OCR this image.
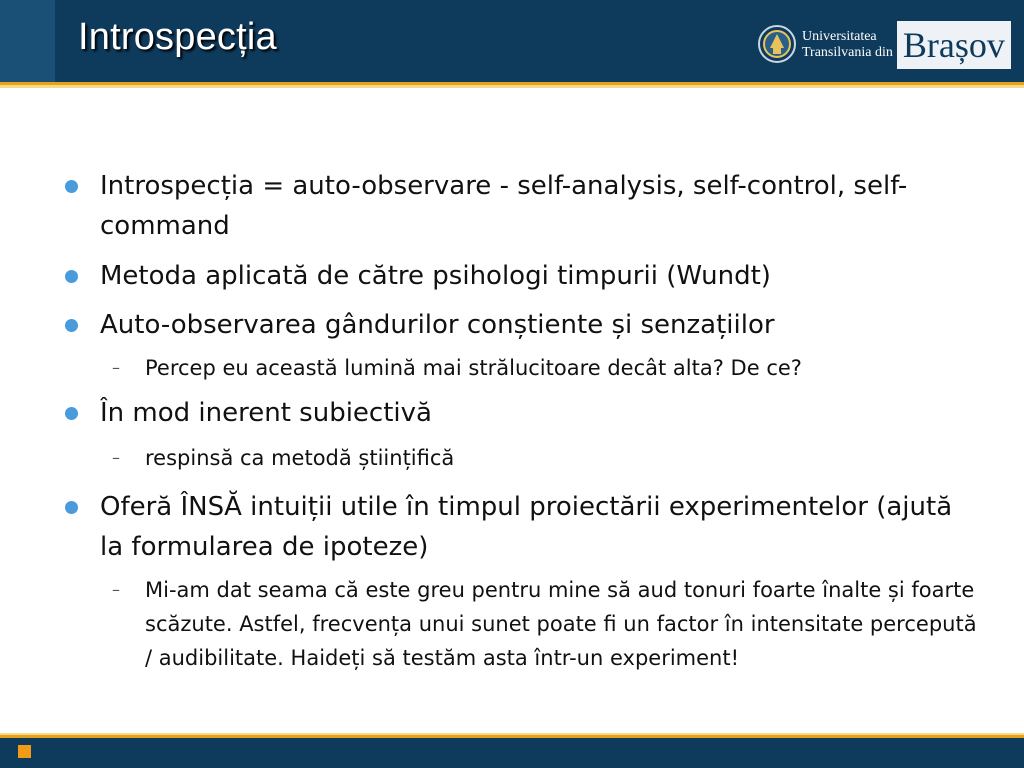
Introspecția	Universitatea
Transilvania din Brașov
Introspecția = auto-observare - self-analysis, self-control, self-command
Metoda aplicată de către psihologi timpurii (Wundt)
Auto-observarea gândurilor conștiente și senzațiilor
– Percep eu această lumină mai strălucitoare decât alta? De ce?
În mod inerent subiectivă
– respinsă ca metodă științifică
Oferă ÎNSĂ intuiții utile în timpul proiectării experimentelor (ajută la formularea de ipoteze)
– Mi-am dat seama că este greu pentru mine să aud tonuri foarte înalte și foarte scăzute. Astfel, frecvența unui sunet poate fi un factor în intensitate percepută / audibilitate. Haideți să testăm asta într-un experiment!
